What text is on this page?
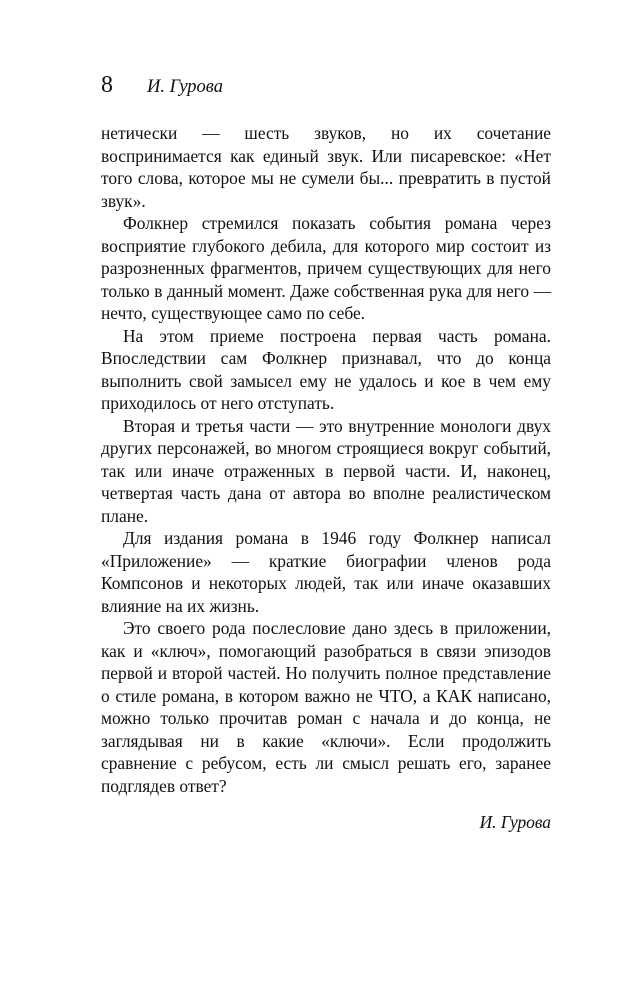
8 И. Гурова

нетически — шесть звуков, но их сочетание воспринимается как единый звук. Или писаревское: «Нет того слова, которое мы не сумели бы... превратить в пустой звук».

Фолкнер стремился показать события романа через восприятие глубокого дебила, для которого мир состоит из разрозненных фрагментов, причем существующих для него только в данный момент. Даже собственная рука для него — нечто, существующее само по себе.

На этом приеме построена первая часть романа. Впоследствии сам Фолкнер признавал, что до конца выполнить свой замысел ему не удалось и кое в чем ему приходилось от него отступать.

Вторая и третья части — это внутренние монологи двух других персонажей, во многом строящиеся вокруг событий, так или иначе отраженных в первой части. И, наконец, четвертая часть дана от автора во вполне реалистическом плане.

Для издания романа в 1946 году Фолкнер написал «Приложение» — краткие биографии членов рода Компсонов и некоторых людей, так или иначе оказавших влияние на их жизнь.

Это своего рода послесловие дано здесь в приложении, как и «ключ», помогающий разобраться в связи эпизодов первой и второй частей. Но получить полное представление о стиле романа, в котором важно не ЧТО, а КАК написано, можно только прочитав роман с начала и до конца, не заглядывая ни в какие «ключи». Если продолжить сравнение с ребусом, есть ли смысл решать его, заранее подглядев ответ?

И. Гурова
